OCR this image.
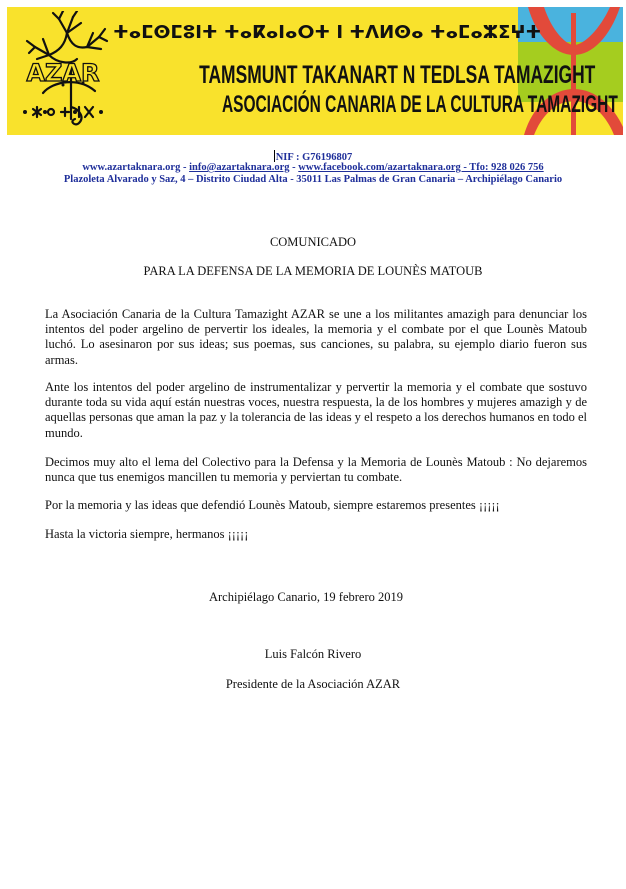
AZAR
ⵜⴰⵎⵙⵎⵓⵏⵜ ⵜⴰⴽⴰⵏⴰⵔⵜ ⵏ ⵜⴷⵍⵙⴰ ⵜⴰⵎⴰⵣⵉⵖⵜ
TAMSMUNT TAKANART N TEDLSA TAMAZIGHT
ASOCIACIÓN CANARIA DE LA CULTURA TAMAZIGHT
NIF : G76196807
www.azartaknara.org - info@azartaknara.org - www.facebook.com/azartaknara.org - Tfo: 928 026 756
Plazoleta Alvarado y Saz, 4 – Distrito Ciudad Alta - 35011 Las Palmas de Gran Canaria – Archipiélago Canario
COMUNICADO
PARA LA DEFENSA DE LA MEMORIA DE LOUNÈS MATOUB

La Asociación Canaria de la Cultura Tamazight AZAR se une a los militantes amazigh para denunciar los intentos del poder argelino de pervertir los ideales, la memoria y el combate por el que Lounès Matoub luchó. Lo asesinaron por sus ideas; sus poemas, sus canciones, su palabra, su ejemplo diario fueron sus armas.

Ante los intentos del poder argelino de instrumentalizar y pervertir la memoria y el combate que sostuvo durante toda su vida aquí están nuestras voces, nuestra respuesta, la de los hombres y mujeres amazigh y de aquellas personas que aman la paz y la tolerancia de las ideas y el respeto a los derechos humanos en todo el mundo.

Decimos muy alto el lema del Colectivo para la Defensa y la Memoria de Lounès Matoub : No dejaremos nunca que tus enemigos mancillen tu memoria y perviertan tu combate.

Por la memoria y las ideas que defendió Lounès Matoub, siempre estaremos presentes ¡¡¡¡¡

Hasta la victoria siempre, hermanos ¡¡¡¡¡

Archipiélago Canario, 19 febrero 2019
Luis Falcón Rivero
Presidente de la Asociación AZAR
